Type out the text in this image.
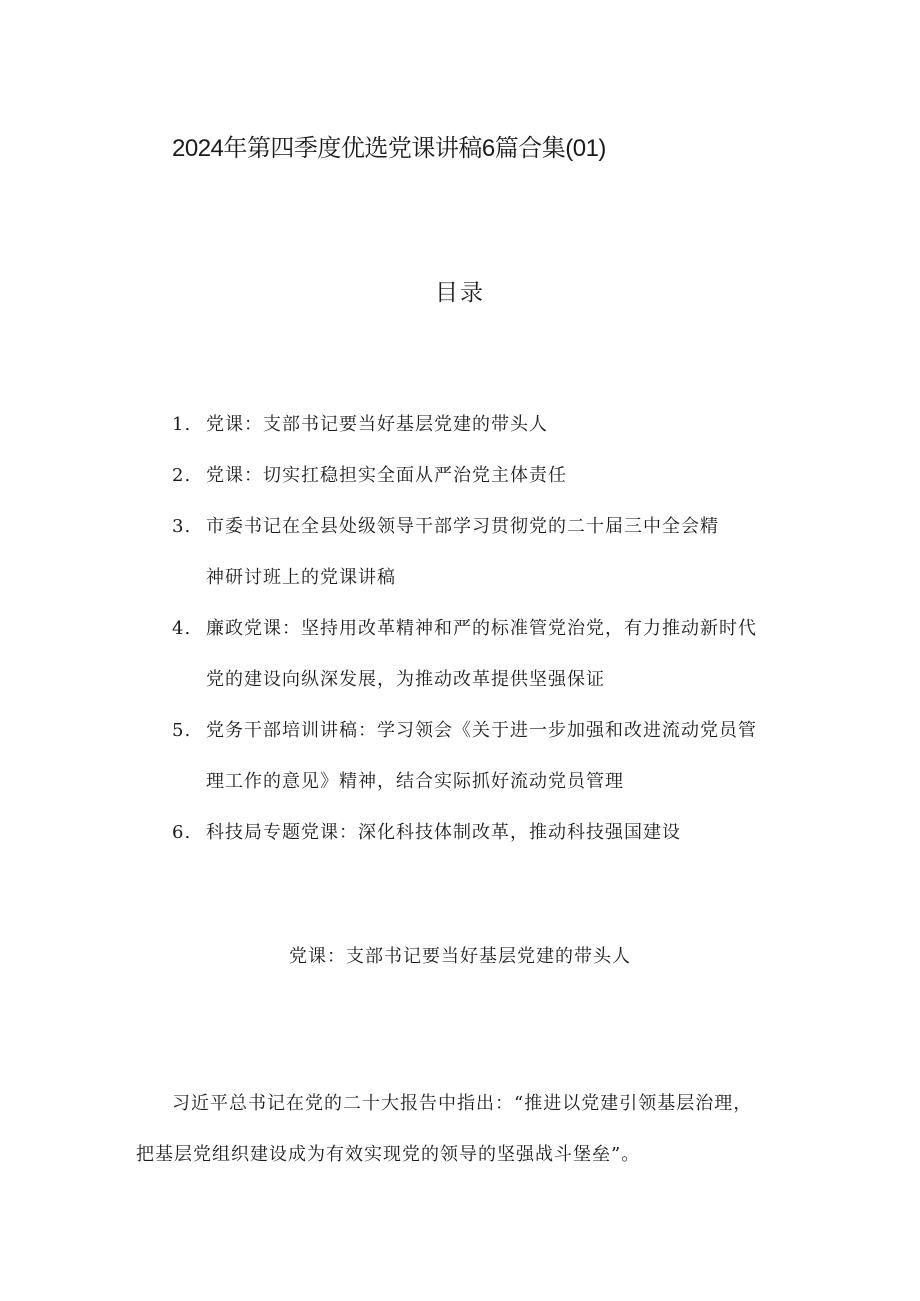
2024年第四季度优选党课讲稿6篇合集(01)
目录
1. 党课：支部书记要当好基层党建的带头人
2. 党课：切实扛稳担实全面从严治党主体责任
3. 市委书记在全县处级领导干部学习贯彻党的二十届三中全会精
神研讨班上的党课讲稿
4. 廉政党课：坚持用改革精神和严的标准管党治党，有力推动新时代
党的建设向纵深发展，为推动改革提供坚强保证
5. 党务干部培训讲稿：学习领会《关于进一步加强和改进流动党员管
理工作的意见》精神，结合实际抓好流动党员管理
6. 科技局专题党课：深化科技体制改革，推动科技强国建设
党课：支部书记要当好基层党建的带头人
习近平总书记在党的二十大报告中指出：“推进以党建引领基层治理，
把基层党组织建设成为有效实现党的领导的坚强战斗堡垒”。
